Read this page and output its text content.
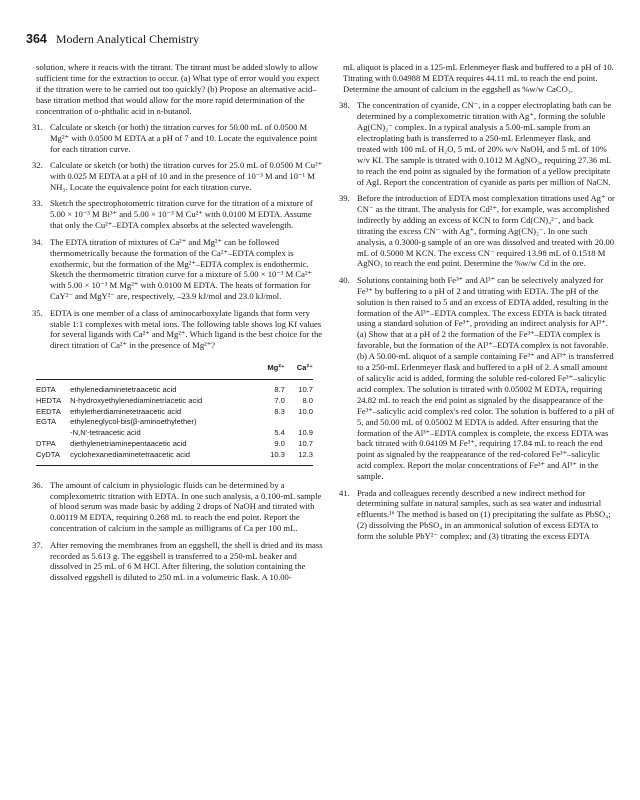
364 Modern Analytical Chemistry

solution, where it reacts with the titrant. The titrant must be added slowly to allow sufficient time for the extraction to occur. (a) What type of error would you expect if the titration were to be carried out too quickly? (b) Propose an alternative acid–base titration method that would allow for the more rapid determination of the concentration of o-phthalic acid in n-butanol.

31. Calculate or sketch (or both) the titration curves for 50.00 mL of 0.0500 M Mg²⁺ with 0.0500 M EDTA at a pH of 7 and 10. Locate the equivalence point for each titration curve.
32. Calculate or sketch (or both) the titration curves for 25.0 mL of 0.0500 M Cu²⁺ with 0.025 M EDTA at a pH of 10 and in the presence of 10⁻³ M and 10⁻¹ M NH₃. Locate the equivalence point for each titration curve.
33. Sketch the spectrophotometric titration curve for the titration of a mixture of 5.00 × 10⁻³ M Bi³⁺ and 5.00 × 10⁻³ M Cu²⁺ with 0.0100 M EDTA. Assume that only the Cu²⁺–EDTA complex absorbs at the selected wavelength.
34. The EDTA titration of mixtures of Ca²⁺ and Mg²⁺ can be followed thermometrically because the formation of the Ca²⁺–EDTA complex is exothermic, but the formation of the Mg²⁺–EDTA complex is endothermic. Sketch the thermometric titration curve for a mixture of 5.00 × 10⁻³ M Ca²⁺ with 5.00 × 10⁻³ M Mg²⁺ with 0.0100 M EDTA. The heats of formation for CaY²⁻ and MgY²⁻ are, respectively, –23.9 kJ/mol and 23.0 kJ/mol.
35. EDTA is one member of a class of aminocarboxylate ligands that form very stable 1:1 complexes with metal ions. The following table shows log Kf values for several ligands with Ca²⁺ and Mg²⁺. Which ligand is the best choice for the direct titration of Ca²⁺ in the presence of Mg²⁺?
		Mg²⁺	Ca²⁺
EDTA	ethylenediaminetetraacetic acid	8.7	10.7
HEDTA	N-hydroxyethylenediaminetriacetic acid	7.0	8.0
EEDTA	ethyletherdiaminetetraacetic acid	8.3	10.0
EGTA	ethyleneglycol-bis(β-aminoethylether)		
	-N,N′-tetraacetic acid	5.4	10.9
DTPA	diethylenetriaminepentaacetic acid	9.0	10.7
CyDTA	cyclohexanediaminetetraacetic acid	10.3	12.3
36. The amount of calcium in physiologic fluids can be determined by a complexometric titration with EDTA. In one such analysis, a 0.100-mL sample of blood serum was made basic by adding 2 drops of NaOH and titrated with 0.00119 M EDTA, requiring 0.268 mL to reach the end point. Report the concentration of calcium in the sample as milligrams of Ca per 100 mL.
37. After removing the membranes from an eggshell, the shell is dried and its mass recorded as 5.613 g. The eggshell is transferred to a 250-mL beaker and dissolved in 25 mL of 6 M HCl. After filtering, the solution containing the dissolved eggshell is diluted to 250 mL in a volumetric flask. A 10.00-

mL aliquot is placed in a 125-mL Erlenmeyer flask and buffered to a pH of 10. Titrating with 0.04988 M EDTA requires 44.11 mL to reach the end point. Determine the amount of calcium in the eggshell as %w/w CaCO₃.

38. The concentration of cyanide, CN⁻, in a copper electroplating bath can be determined by a complexometric titration with Ag⁺, forming the soluble Ag(CN)₂⁻ complex. In a typical analysis a 5.00-mL sample from an electroplating bath is transferred to a 250-mL Erlenmeyer flask, and treated with 100 mL of H₂O, 5 mL of 20% w/v NaOH, and 5 mL of 10% w/v KI. The sample is titrated with 0.1012 M AgNO₃, requiring 27.36 mL to reach the end point as signaled by the formation of a yellow precipitate of AgI. Report the concentration of cyanide as parts per million of NaCN.
39. Before the introduction of EDTA most complexation titrations used Ag⁺ or CN⁻ as the titrant. The analysis for Cd²⁺, for example, was accomplished indirectly by adding an excess of KCN to form Cd(CN)₄²⁻, and back titrating the excess CN⁻ with Ag⁺, forming Ag(CN)₂⁻. In one such analysis, a 0.3000-g sample of an ore was dissolved and treated with 20.00 mL of 0.5000 M KCN. The excess CN⁻ required 13.98 mL of 0.1518 M AgNO₃ to reach the end point. Determine the %w/w Cd in the ore.
40. Solutions containing both Fe³⁺ and Al³⁺ can be selectively analyzed for Fe³⁺ by buffering to a pH of 2 and titrating with EDTA. The pH of the solution is then raised to 5 and an excess of EDTA added, resulting in the formation of the Al³⁺–EDTA complex. The excess EDTA is back titrated using a standard solution of Fe³⁺, providing an indirect analysis for Al³⁺.
(a) Show that at a pH of 2 the formation of the Fe³⁺–EDTA complex is favorable, but the formation of the Al³⁺–EDTA complex is not favorable. (b) A 50.00-mL aliquot of a sample containing Fe³⁺ and Al³⁺ is transferred to a 250-mL Erlenmeyer flask and buffered to a pH of 2. A small amount of salicylic acid is added, forming the soluble red-colored Fe³⁺–salicylic acid complex. The solution is titrated with 0.05002 M EDTA, requiring 24.82 mL to reach the end point as signaled by the disappearance of the Fe³⁺–salicylic acid complex's red color. The solution is buffered to a pH of 5, and 50.00 mL of 0.05002 M EDTA is added. After ensuring that the formation of the Al³⁺–EDTA complex is complete, the excess EDTA was back titrated with 0.04109 M Fe³⁺, requiring 17.84 mL to reach the end point as signaled by the reappearance of the red-colored Fe³⁺–salicylic acid complex. Report the molar concentrations of Fe³⁺ and Al³⁺ in the sample.
41. Prada and colleagues recently described a new indirect method for determining sulfate in natural samples, such as sea water and industrial effluents.¹⁶ The method is based on (1) precipitating the sulfate as PbSO₄; (2) dissolving the PbSO₄ in an ammonical solution of excess EDTA to form the soluble PbY²⁻ complex; and (3) titrating the excess EDTA
